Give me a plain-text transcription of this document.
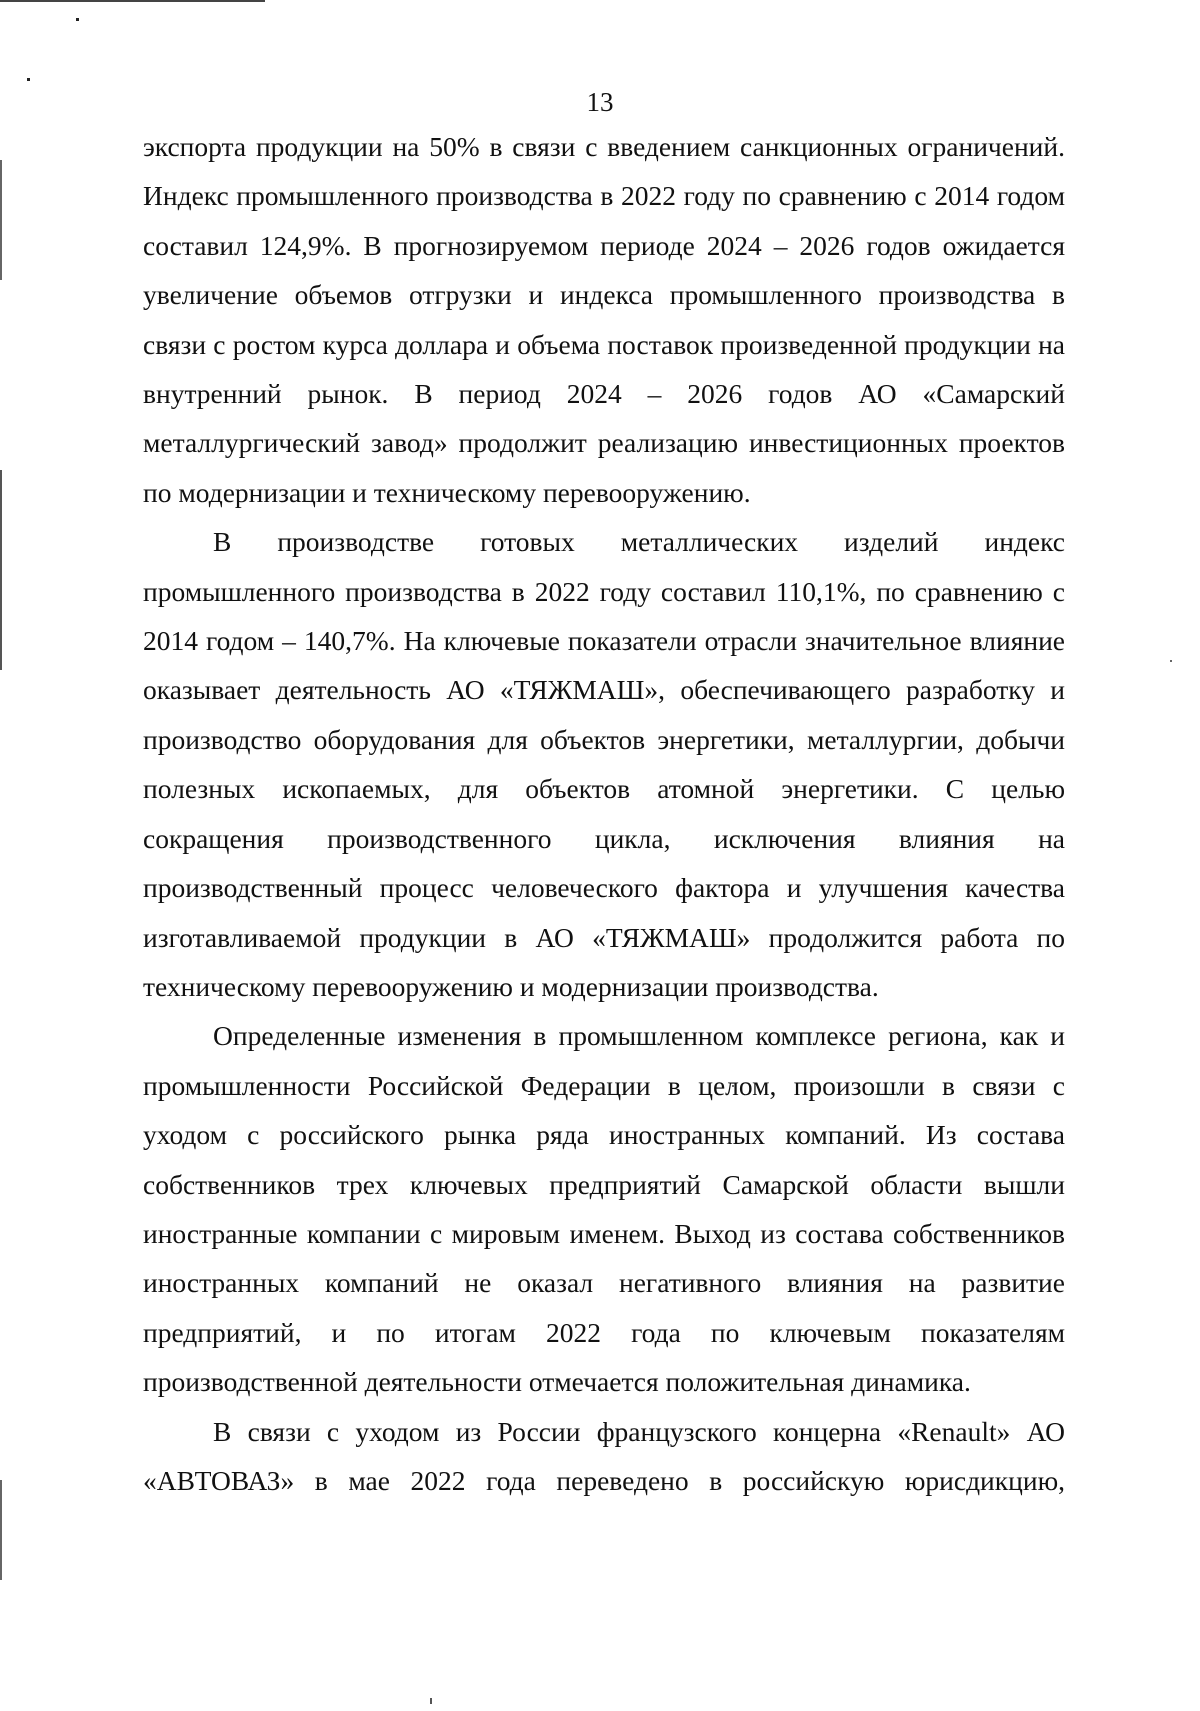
13

экспорта продукции на 50% в связи с введением санкционных ограничений. Индекс промышленного производства в 2022 году по сравнению с 2014 годом составил 124,9%. В прогнозируемом периоде 2024 – 2026 годов ожидается увеличение объемов отгрузки и индекса промышленного производства в связи с ростом курса доллара и объема поставок произведенной продукции на внутренний рынок. В период 2024 – 2026 годов АО «Самарский металлургический завод» продолжит реализацию инвестиционных проектов по модернизации и техническому перевооружению.

В производстве готовых металлических изделий индекс промышленного производства в 2022 году составил 110,1%, по сравнению с 2014 годом – 140,7%. На ключевые показатели отрасли значительное влияние оказывает деятельность АО «ТЯЖМАШ», обеспечивающего разработку и производство оборудования для объектов энергетики, металлургии, добычи полезных ископаемых, для объектов атомной энергетики. С целью сокращения производственного цикла, исключения влияния на производственный процесс человеческого фактора и улучшения качества изготавливаемой продукции в АО «ТЯЖМАШ» продолжится работа по техническому перевооружению и модернизации производства.

Определенные изменения в промышленном комплексе региона, как и промышленности Российской Федерации в целом, произошли в связи с уходом с российского рынка ряда иностранных компаний. Из состава собственников трех ключевых предприятий Самарской области вышли иностранные компании с мировым именем. Выход из состава собственников иностранных компаний не оказал негативного влияния на развитие предприятий, и по итогам 2022 года по ключевым показателям производственной деятельности отмечается положительная динамика.

В связи с уходом из России французского концерна «Renault» АО «АВТОВАЗ» в мае 2022 года переведено в российскую юрисдикцию,
